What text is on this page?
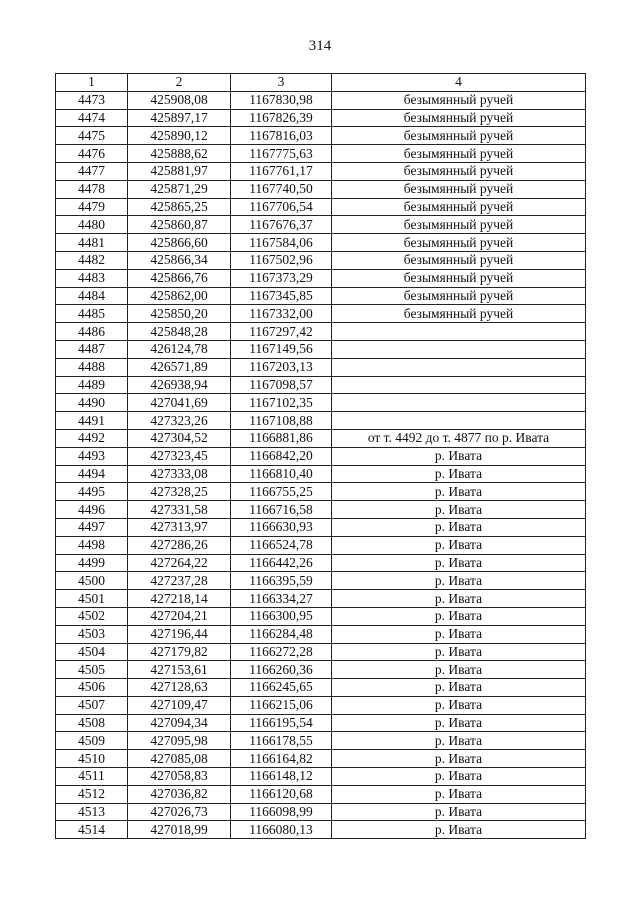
314
1	2	3	4
4473	425908,08	1167830,98	безымянный ручей
4474	425897,17	1167826,39	безымянный ручей
4475	425890,12	1167816,03	безымянный ручей
4476	425888,62	1167775,63	безымянный ручей
4477	425881,97	1167761,17	безымянный ручей
4478	425871,29	1167740,50	безымянный ручей
4479	425865,25	1167706,54	безымянный ручей
4480	425860,87	1167676,37	безымянный ручей
4481	425866,60	1167584,06	безымянный ручей
4482	425866,34	1167502,96	безымянный ручей
4483	425866,76	1167373,29	безымянный ручей
4484	425862,00	1167345,85	безымянный ручей
4485	425850,20	1167332,00	безымянный ручей
4486	425848,28	1167297,42	
4487	426124,78	1167149,56	
4488	426571,89	1167203,13	
4489	426938,94	1167098,57	
4490	427041,69	1167102,35	
4491	427323,26	1167108,88	
4492	427304,52	1166881,86	от т. 4492 до т. 4877 по р. Ивата
4493	427323,45	1166842,20	р. Ивата
4494	427333,08	1166810,40	р. Ивата
4495	427328,25	1166755,25	р. Ивата
4496	427331,58	1166716,58	р. Ивата
4497	427313,97	1166630,93	р. Ивата
4498	427286,26	1166524,78	р. Ивата
4499	427264,22	1166442,26	р. Ивата
4500	427237,28	1166395,59	р. Ивата
4501	427218,14	1166334,27	р. Ивата
4502	427204,21	1166300,95	р. Ивата
4503	427196,44	1166284,48	р. Ивата
4504	427179,82	1166272,28	р. Ивата
4505	427153,61	1166260,36	р. Ивата
4506	427128,63	1166245,65	р. Ивата
4507	427109,47	1166215,06	р. Ивата
4508	427094,34	1166195,54	р. Ивата
4509	427095,98	1166178,55	р. Ивата
4510	427085,08	1166164,82	р. Ивата
4511	427058,83	1166148,12	р. Ивата
4512	427036,82	1166120,68	р. Ивата
4513	427026,73	1166098,99	р. Ивата
4514	427018,99	1166080,13	р. Ивата
